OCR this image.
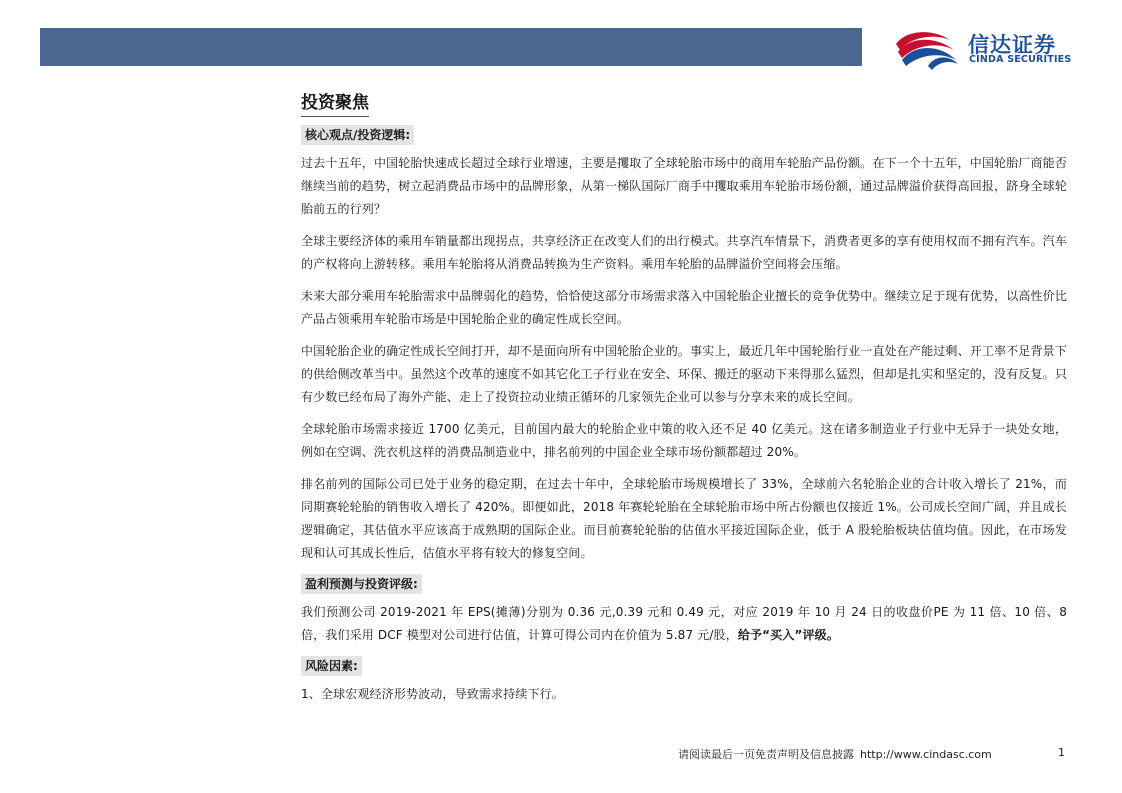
信达证券
CINDA SECURITIES
投资聚焦
核心观点/投资逻辑:

过去十五年，中国轮胎快速成长超过全球行业增速，主要是攫取了全球轮胎市场中的商用车轮胎产品份额。在下一个十五年，中国轮胎厂商能否继续当前的趋势，树立起消费品市场中的品牌形象，从第一梯队国际厂商手中攫取乘用车轮胎市场份额，通过品牌溢价获得高回报，跻身全球轮胎前五的行列？

全球主要经济体的乘用车销量都出现拐点，共享经济正在改变人们的出行模式。共享汽车情景下，消费者更多的享有使用权而不拥有汽车。汽车的产权将向上游转移。乘用车轮胎将从消费品转换为生产资料。乘用车轮胎的品牌溢价空间将会压缩。

未来大部分乘用车轮胎需求中品牌弱化的趋势，恰恰使这部分市场需求落入中国轮胎企业擅长的竞争优势中。继续立足于现有优势，以高性价比产品占领乘用车轮胎市场是中国轮胎企业的确定性成长空间。

中国轮胎企业的确定性成长空间打开，却不是面向所有中国轮胎企业的。事实上，最近几年中国轮胎行业一直处在产能过剩、开工率不足背景下的供给侧改革当中。虽然这个改革的速度不如其它化工子行业在安全、环保、搬迁的驱动下来得那么猛烈，但却是扎实和坚定的，没有反复。只有少数已经布局了海外产能、走上了投资拉动业绩正循环的几家领先企业可以参与分享未来的成长空间。

全球轮胎市场需求接近 1700 亿美元，目前国内最大的轮胎企业中策的收入还不足 40 亿美元。这在诸多制造业子行业中无异于一块处女地，例如在空调、洗衣机这样的消费品制造业中，排名前列的中国企业全球市场份额都超过 20%。

排名前列的国际公司已处于业务的稳定期，在过去十年中，全球轮胎市场规模增长了 33%，全球前六名轮胎企业的合计收入增长了 21%，而同期赛轮轮胎的销售收入增长了 420%。即便如此，2018 年赛轮轮胎在全球轮胎市场中所占份额也仅接近 1%。公司成长空间广阔，并且成长逻辑确定，其估值水平应该高于成熟期的国际企业。而目前赛轮轮胎的估值水平接近国际企业，低于 A 股轮胎板块估值均值。因此，在市场发现和认可其成长性后，估值水平将有较大的修复空间。

盈利预测与投资评级:

我们预测公司 2019-2021 年 EPS(摊薄)分别为 0.36 元,0.39 元和 0.49 元，对应 2019 年 10 月 24 日的收盘价PE 为 11 倍、10 倍、8 倍，我们采用 DCF 模型对公司进行估值，计算可得公司内在价值为 5.87 元/股，给予“买入”评级。

风险因素:

1、全球宏观经济形势波动，导致需求持续下行。

请阅读最后一页免责声明及信息披露 http://www.cindasc.com	1
